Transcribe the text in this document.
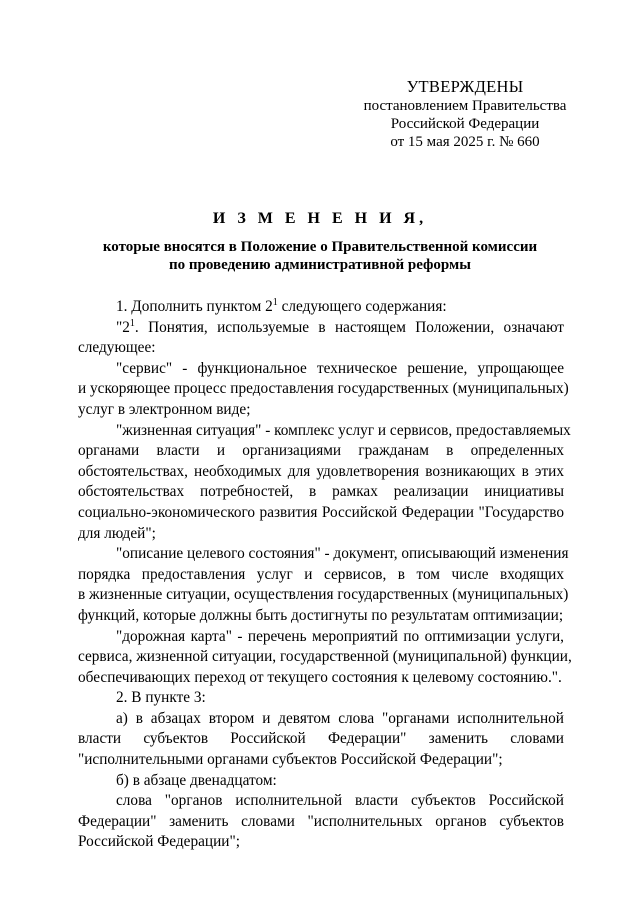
УТВЕРЖДЕНЫ
постановлением Правительства
Российской Федерации
от 15 мая 2025 г. № 660
И З М Е Н Е Н И Я,
которые вносятся в Положение о Правительственной комиссии
по проведению административной реформы

1. Дополнить пунктом $2^1$ следующего содержания:

"$2^1$. Понятия, используемые в настоящем Положении, означают
следующее:
"сервис" - функциональное техническое решение, упрощающее
и ускоряющее процесс предоставления государственных (муниципальных)
услуг в электронном виде;
"жизненная ситуация" - комплекс услуг и сервисов, предоставляемых
органами власти и организациями гражданам в определенных
обстоятельствах, необходимых для удовлетворения возникающих в этих
обстоятельствах потребностей, в рамках реализации инициативы
социально-экономического развития Российской Федерации "Государство
для людей";
"описание целевого состояния" - документ, описывающий изменения
порядка предоставления услуг и сервисов, в том числе входящих
в жизненные ситуации, осуществления государственных (муниципальных)
функций, которые должны быть достигнуты по результатам оптимизации;
"дорожная карта" - перечень мероприятий по оптимизации услуги,
сервиса, жизненной ситуации, государственной (муниципальной) функции,
обеспечивающих переход от текущего состояния к целевому состоянию.".

2. В пункте 3:

а) в абзацах втором и девятом слова "органами исполнительной
власти субъектов Российской Федерации" заменить словами
"исполнительными органами субъектов Российской Федерации";

б) в абзаце двенадцатом:

слова "органов исполнительной власти субъектов Российской
Федерации" заменить словами "исполнительных органов субъектов
Российской Федерации";
